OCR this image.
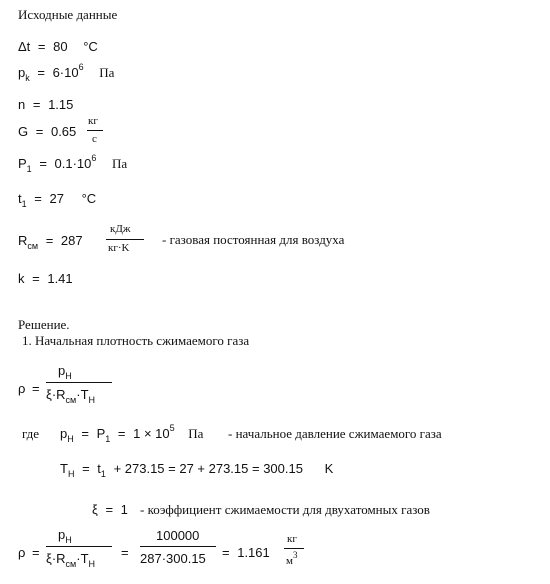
Исходные данные
Δt = 80 °C
$p_k = 6\cdot 10^6$ Па
n = 1.15
G = 0.65
кг
с
$P_1 = 0.1\cdot 10^6$ Па
$t_1 = 27$ °C
$R_{см} = 287$
кДж
кг·K
- газовая постоянная для воздуха
k = 1.41
Решение.
1. Начальная плотность сжимаемого газа
ρ =
$p_Н$
$\xi\cdot R_{см}\cdot T_Н$
где $p_Н = P_1 = 1 \times 10^5$ Па - начальное давление сжимаемого газа
$T_Н = t_1 + 273.15 = 27 + 273.15 = 300.15$ K
ξ = 1 - коэффициент сжимаемости для двухатомных газов
ρ =
$p_Н$
$\xi\cdot R_{см}\cdot T_Н$
=
100000
287·300.15 = 1.161
кг
$м^3$
